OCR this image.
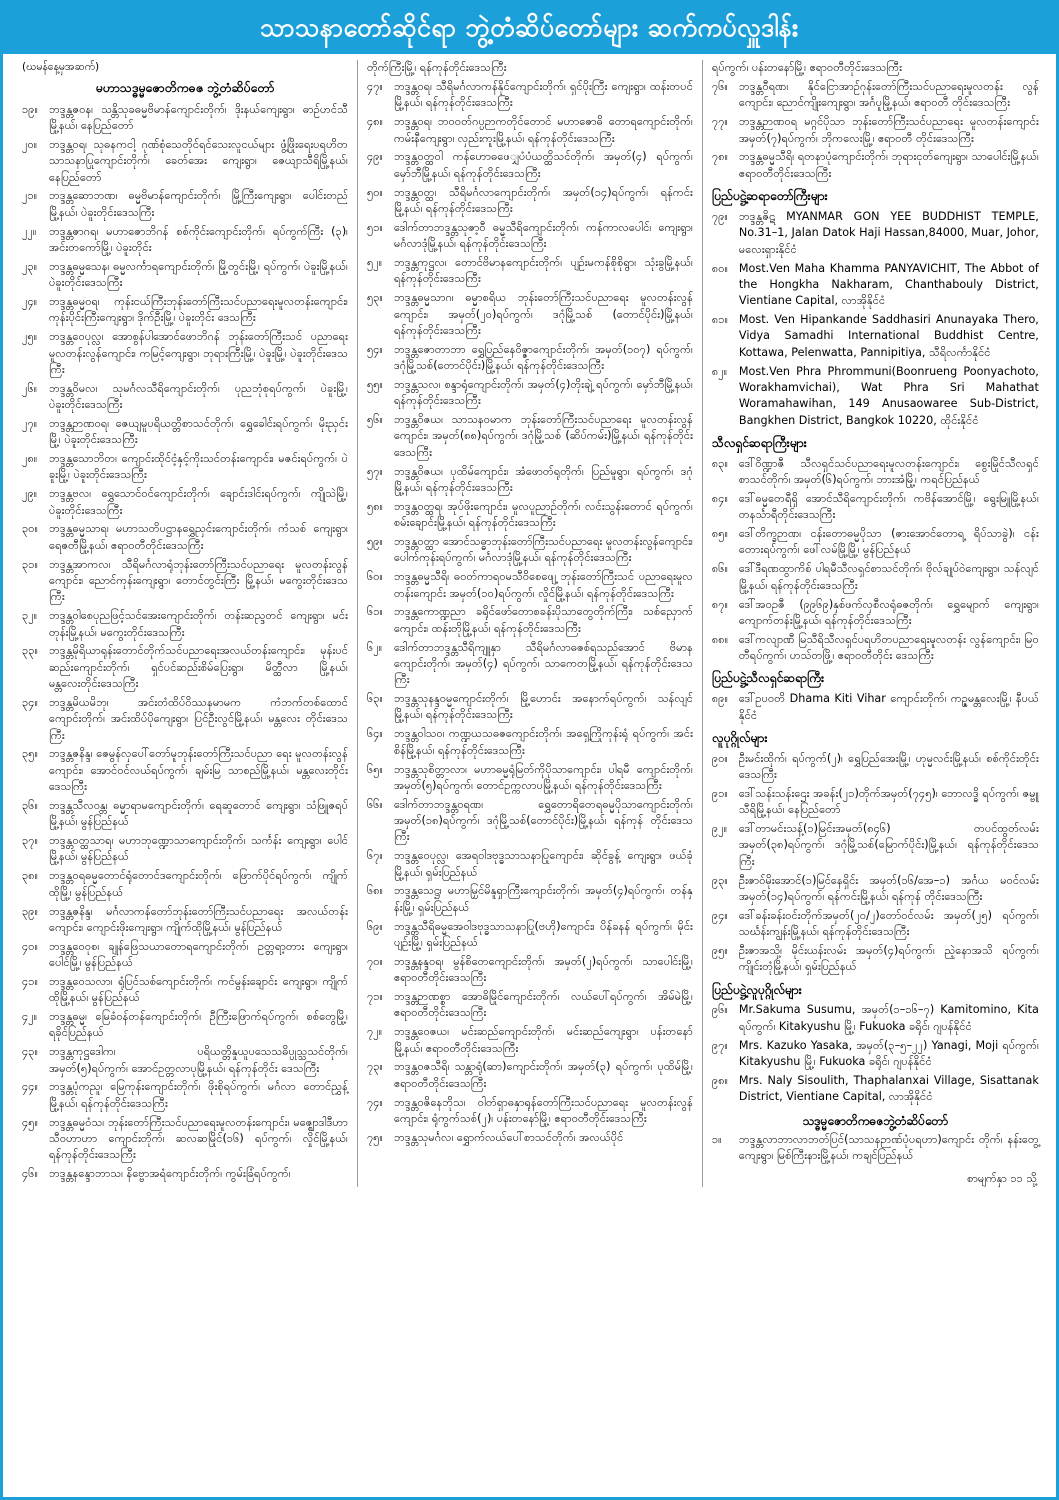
သာသနာတော်ဆိုင်ရာ ဘွဲ့တံဆိပ်တော်များ ဆက်ကပ်လှူဒါန်း
(ဃမန်နေ့မှအဆက်)
မဟာသဒ္ဓမ္မဇောတိကဓဇ ဘွဲ့တံဆိပ်တော်
၁၉။ ဘဒ္ဒန္တဇဝန၊ သန္တိသုခဓမ္မဗိမာန်ကျောင်းတိုက်၊ ဒိုးနယ်ကျေးရွာ၊ ဓာဉ်ဟင်သီမြို့နယ်၊ နေပြည်တော်
၂၀။	ဘဒ္ဒန္တဝရ၊ သုဓနကငါ့ ဂုဏ်စုံသေတိုင်ရင်သေးလူငယ်များ ဖွံ့ဖြိုးရေးပရဟိတ သာသနာပြုကျောင်းတိုက်၊ ခေတ်အေး ကျေးရွာ၊ ဇေယျာသီရိမြို့နယ်၊ နေပြည်တော်
၂၁။	ဘဒ္ဒန္တဆောဘဏ၊ ဓမ္မဗိမာန်ကျောင်းတိုက်၊ မြို့ကြီးကျေးရွာ၊ ပေါင်းတည်မြို့နယ်၊ ပဲခူးတိုင်းဒေသကြီး
၂၂။	ဘဒ္ဒန္တဇာဂရ၊ မဟာဇောဘိဂန် စစ်ကိုင်းကျောင်းတိုက်၊ ရပ်ကွက်ကြီး (၃)၊ အင်းတကော်မြို့၊ ပဲခူးတိုင်း
၂၃။	ဘဒ္ဒန္တဓမ္မသေန၊ ဓမ္မလင်္ကာရကျောင်းတိုက်၊ မြို့တွင်းမြို့၊ ရပ်ကွက်၊ ပဲခူးမြို့နယ်၊ ပဲခူးတိုင်းဒေသကြီး
၂၄။	ဘဒ္ဒန္တဓမ္မဝရ၊ ကုန်းငယ်ကြီးဘုန်းတော်ကြီးသင်ပညာရေးမူလတန်းကျောင်း၊ ကုန်းပိုင်းကြီးကျေးရွာ၊ ဒိုက်ဦးမြို့၊ ပဲခူးတိုင်း ဒေသကြီး
၂၅။	ဘဒ္ဒန္တဝေပုလ္လ၊ အောစွန်ပါအောင်ဖောဘိဂန် ဘုန်းတော်ကြီးသင် ပညာရေးမူလတန်းလွန်ကျောင်း၊ ကမြင့်ကျေးရွာ၊ ဘုရားကြီးမြို့၊ ပဲခူးမြို့၊ ပဲခူးတိုင်းဒေသကြီး
၂၆။	ဘဒ္ဒန္တဝိမလ၊ သုမင်္ဂလသီရိကျောင်းတိုက်၊ ပုညဘုံစုရပ်ကွက်၊ ပဲခူးမြို့၊ ပဲခူးတိုင်းဒေသကြီး
၂၇။	ဘဒ္ဒန္တဉာဏဝရ၊ ဇေယျမူပရိယတ္တိစာသင်တိုက်၊ ရွှေခေါင်းရပ်ကွက်၊ မိုးညှင်းမြို့၊ ပဲခူးတိုင်းဒေသကြီး
၂၈။	ဘဒ္ဒန္တသောဘိတ၊ ကျောင်းထိုင်ငံ့နှင့်ကိုးသင်တန်းကျောင်း၊ မဇင်းရပ်ကွက်၊ ပဲခူးမြို့၊ ပဲခူးတိုင်းဒေသကြီး
၂၉။	ဘဒ္ဒန္တဗလ၊ ရွှေသောင်ဝင်ကျောင်းတိုက်၊ ချောင်းဒါင်းရပ်ကွက်၊ ကျိုသဲမြို့၊ ပဲခူးတိုင်းဒေသကြီး
၃၀။ ဘဒ္ဒန္တဓမ္မသာရ၊ မဟာသတိပဋ္ဌာနရွှေညှင်းကျောင်းတိုက်၊ ကံသစ် ကျေးရွာ၊ ရေဇတီမြို့နယ်၊ ဧရာဝတီတိုင်းဒေသကြီး
၃၁။ ဘဒ္ဒန္တအာကလ၊ သီရိမင်္ဂလာရုံဘုန်းတော်ကြီးသင်ပညာရေး မူလတန်းလွန်ကျောင်း၊ ညောင်ကုန်းကျေးရွာ၊ တောင်တွင်းကြီး မြို့နယ်၊ မကွေးတိုင်းဒေသကြီး
၃၂။	ဘဒ္ဒန္တဝါစေပုညဖြင့်သင်အေးကျောင်းတိုက်၊ တန်းဆည္ဒတင် ကျေးရွာ၊ မင်းတုန်းမြို့နယ်၊ မကွေးတိုင်းဒေသကြီး
၃၃။ ဘဒ္ဒန္တမိုရိယာရုန်းတောင်တိုက်သင်ပညာရေးအလယ်တန်းကျောင်း၊ မုန်းပင်ဆည်းကျောင်းတိုက်၊ ရှင်ပင်ဆည်းစိမ်ပြေးရွာ၊ မိတ္ထီလာ မြို့နယ်၊ မန္တလေးတိုင်းဒေသကြီး
၃၄။ ဘဒ္ဒန္တမိယမိဘု၊ အင်းတံထိပ်ဝိဿနမာမက ကံဘက်တစ်ထောင် ကျောင်းတိုက်၊ အင်းထိပ်ပိုကျေးရွာ၊ ပြင်ဦးလွင်မြို့နယ်၊ မန္တလေး တိုင်းဒေသကြီး
၃၅။ ဘဒ္ဒန္တဇနိန္ဒ၊ ဇေမွန်လှပေါ်တော်မူဘုန်းတော်ကြီးသင်ပညာ ရေး မူလတန်းလွန်ကျောင်း၊ အောင်ဝင်လယ်ရပ်ကွက်၊ ချမ်းမြ သာစည်မြို့နယ်၊ မန္တလေးတိုင်းဒေသကြီး
၃၆။ ဘဒ္ဒန္တသီလဝန္တ၊ ဓမ္မာရာမကျောင်းတိုက်၊ ရေဆူတောင် ကျေးရွာ၊ သံဖြူဇရပ်မြို့နယ်၊ မွန်ပြည်နယ်
၃၇။ ဘဒ္ဒန္တဝတ္ထသာရ၊ မဟာဘုဏ္ဍောသာကျောင်းတိုက်၊ သင်္ကန်း ကျေးရွာ၊ ပေါင်မြို့နယ်၊ မွန်ပြည်နယ်
၃၈။ ဘဒ္ဒန္တဝရဓမ္မတောင်ရုံတောင်ဒကျောင်းတိုက်၊ ဖြောက်ပိုင်ရပ်ကွက်၊ ကျိုက်ထိုမြို့၊ မွန်ပြည်နယ်
၃၉။ ဘဒ္ဒန္တဇနိန္ဒ၊ မင်္ဂလာကန်တော်ဘုန်းတော်ကြီးသင်ပညာရေး အလယ်တန်းကျောင်း၊ ကျောင်းဖိုးကျေးရွာ၊ ကျိုက်ထိုမြို့နယ်၊ မွန်ပြည်နယ်
၄၀။ ဘဒ္ဒန္တဝေဝုစ၊ ချုန်ဖြေသယာတောရကျောင်းတိုက်၊ ဥတ္တရာ့တား ကျေးရွာ၊ ပေါင်မြို့၊ မွန်ပြည်နယ်
၄၁။ ဘဒ္ဒန္တဝေသလာ၊ ရုံပြင်သစ်ကျောင်းတိုက်၊ ကင်မွန်းချောင်း ကျေးရွာ၊ ကျိုက်ထိုမြို့နယ်၊ မွန်ပြည်နယ်
၄၂။	ဘဒ္ဒန္တဓမ္မ၊ မြေခံဝန်တန်ကျောင်းတိုက်၊ ဦကြီးဖြောက်ရပ်ကွက်၊ စစ်တွေမြို့၊ ရခိုင်ပြည်နယ်
၄၃။ ဘဒ္ဒန္တကုဋ္ဌဒေါက၊ ပရိယတ္တိနှုယူပသေသဓိပ္ပုသ္သသင်တိုက်၊ အမှတ်(၅)ရပ်ကွက်၊ အောင်ဥတ္တလာပုမြို့နယ်၊ ရန်ကုန်တိုင်း ဒေသကြီး
၄၄။ ဘဒ္ဒန္တပုံကညူ၊ မြေကုန်းကျောင်းတိုက်၊ ဖိုးစိုရပ်ကွက်၊ မင်္ဂလာ တောင်ညွှန့်မြို့နယ်၊ ရန်ကုန်တိုင်းဒေသကြီး
၄၅။ ဘဒ္ဒန္တဓမ္မဝံသ၊ ဘုန်းတော်ကြီးသင်ပညာရေးမူလတန်းကျောင်း၊ မဇ္ဈောဒါဒီဟာသီဝဟာဟာ ကျောင်းတိုက်၊ ဆလဆမြိုင်(၁၆) ရပ်ကွက်၊ လှိုင်မြို့နယ်၊ ရန်ကုန်တိုင်းဒေသကြီး
၄၆။ ဘဒ္ဒန္တနန္ဒောဘာသ၊ နိဗ္ဗောအရံကျောင်းတိုက်၊ ကွမ်းခြံရပ်ကွက်၊
တိုက်ကြီးမြို့၊ ရန်ကုန်တိုင်းဒေသကြီး
၄၇။ ဘဒ္ဒန္တဝရ၊ သီရိမင်္ဂလာကန်နိုင်ကျောင်းတိုက်၊ ရှင်ပိုးကြီး ကျေးရွာ၊ ထန်းတပင်မြို့နယ်၊ ရန်ကုန်တိုင်းဒေသကြီး
၄၈။ ဘဒ္ဒန္တဝရ၊ ဘဝဝတ်ဂပ္ပဉာကတိုင်တောင် မဟာဇောဓိ တောရကျောင်းတိုက်၊ ကမ်းနီကျေးရွာ၊ လှည်းကူးမြို့နယ်၊ ရန်ကုန်တိုင်းဒေသကြီး
၄၉။ ဘဒ္ဒန္တဝတ္ထဝါ ကန်ဟောဓဖေျှပံပံယတ္ထိသင်တိုက်၊ အမှတ်(၄) ရပ်ကွက်၊ မှော်ဘီမြို့နယ်၊ ရန်ကုန်တိုင်းဒေသကြီး
၅၀။ ဘဒ္ဒန္တဝတ္ထ၊ သီရိမင်္ဂလာကျောင်းတိုက်၊ အမှတ်(၁၄)ရပ်ကွက်၊ ရန်ကင်းမြို့နယ်၊ ရန်ကုန်တိုင်းဒေသကြီး
၅၁။ ဒေါက်တာဘဒ္ဒန္တသုဇာ့ဝီ ဓမ္မသီရိကျောင်းတိုက်၊ ကန်ကာလပေါင်၊ ကျေးရွာ၊ မင်္ဂလာဒုံမြို့နယ်၊ ရန်ကုန်တိုင်းဒေသကြီး
၅၂။	ဘဒ္ဒန္တကုဋ္ဌလ၊ တောင်ဗိမာနကျောင်းတိုက်၊ ပျဉ်းမကန်စိုစိုရွာ၊ သုံးခွမြို့နယ်၊ ရန်ကုန်တိုင်းဒေသကြီး
၅၃။ ဘဒ္ဒန္တဓမ္မသာဂ၊ ဓမ္မာစရိယ ဘုန်းတော်ကြီးသင်ပညာရေး မူလတန်းလွန်ကျောင်း၊ အမှတ်(၂၀)ရပ်ကွက်၊ ဒဂုံမြို့သစ် (တောင်ပိုင်း)မြို့နယ်၊ ရန်ကုန်တိုင်းဒေသကြီး
၅၄။ ဘဒ္ဒန္တဇောတာဘာ ရွှေပြည်နေဝိဇ္ဇာကျောင်းတိုက်၊ အမှတ်(၁၀၇) ရပ်ကွက်၊ ဒဂုံမြို့သစ်(တောင်ပိုင်း)မြို့နယ်၊ ရန်ကုန်တိုင်းဒေသကြီး
၅၅။ ဘဒ္ဒန္တသလ၊ စန္ဒာရုံကျောင်းတိုက်၊ အမှတ်(၄)တိုးချဲ့ ရပ်ကွက်၊ မှော်ဘီမြို့နယ်၊ ရန်ကုန်တိုင်းဒေသကြီး
၅၆။ ဘဒ္ဒန္တဝိဇယ၊ သာသနဝမာက ဘုန်းတော်ကြီးသင်ပညာရေး မူလတန်းလွန်ကျောင်း၊ အမှတ်(၈၈)ရပ်ကွက်၊ ဒဂုံမြို့သစ် (ဆိပ်ကမ်း)မြို့နယ်၊ ရန်ကုန်တိုင်းဒေသကြီး
၅၇။ ဘဒ္ဒန္တဝိဇယ၊ ပုထိမ်ကျောင်း၊ အံဖောတ်ရုတိုက်၊ ပြည်မူရွာ၊ ရပ်ကွက်၊ ဒဂုံမြို့နယ်၊ ရန်ကုန်တိုင်းဒေသကြီး
၅၈။ ဘဒ္ဒန္တဝတ္ထရ၊ အုပ်ဖိုးကျောင်း၊ မူလပူညာဉ်တိုက်၊ လင်းသွန်းတောင် ရပ်ကွက်၊ စမ်းချောင်းမြို့နယ်၊ ရန်ကုန်တိုင်းဒေသကြီး
၅၉။ ဘဒ္ဒန္တဝတ္ထာ အောင်သဓ္ဓာဘုန်းတော်ကြီးသင်ပညာရေး မူလတန်းလွန်ကျောင်း၊ ပေါက်ကုန်းရပ်ကွက်၊ မင်္ဂလာဒုံမြို့နယ်၊ ရန်ကုန်တိုင်းဒေသကြီး
၆၀။ ဘဒ္ဒန္တဓမ္မသီရိ၊ ဓဝတ်ကာရဝမသီဝိစေဖျေ့ ဘုန်းတော်ကြီးသင် ပညာရေးမူလတန်းကျောင်း အမှတ်(၁၀)ရပ်ကွက်၊ လှိုင်မြို့နယ်၊ ရန်ကုန်တိုင်းဒေသကြီး
၆၁။ ဘဒ္ဒန္တကောဏ္ဍညာ ခရိုင်ဖော်တောစခန်းပိုသာတွေတိုက်ကြီး၊ သစ်ညှောက်ကျောင်း၊ ထန်းတိုမြို့နယ်၊ ရန်ကုန်တိုင်းဒေသကြီး
၆၂။	ဒေါက်တာဘဒ္ဒန္တသီရိကျူနှာ သီရိမင်္ဂလာဓဇစ်ရသည်အောင် ဗိမာနကျောင်းတိုက်၊ အမှတ်(၄) ရပ်ကွက်၊ သာကေတမြို့နယ်၊ ရန်ကုန်တိုင်းဒေသကြီး
၆၃။ ဘဒ္ဒန္တသုနန္ဒဝမ္မကျောင်းတိုက်၊ မြို့ဟောင်း အနောက်ရပ်ကွက်၊ သန်လျင်မြို့နယ်၊ ရန်ကုန်တိုင်းဒေသကြီး
၆၄။ ဘဒ္ဒန္တဝါသဝ၊ ကဏ္ဍယသဓဇကျောင်းတိုက်၊ အရှေ့ကြိုကုန်းရုံ ရပ်ကွက်၊ အင်းစိန်မြို့နယ်၊ ရန်ကုန်တိုင်းဒေသကြီး
၆၅။ ဘဒ္ဒန္တသုစိတ္တာလာ၊ မဟာဓမ္မရုံမြတ်ကိုပိုသာကျောင်း၊ ပါရမီ ကျောင်းတိုက်၊ အမှတ်(၅)ရပ်ကွက်၊ တောင်ဥက္ကလာပမြို့နယ်၊ ရန်ကုန်တိုင်းဒေသကြီး
၆၆။ ဒေါက်တာဘဒ္ဒန္တဝရဏ၊ ရွှေတောရိတေရဓမ္မပိုသာကျောင်းတိုက်၊ အမှတ်(၁၈)ရပ်ကွက်၊ ဒဂုံမြို့သစ်(တောင်ပိုင်း)မြို့နယ်၊ ရန်ကုန် တိုင်းဒေသကြီး
၆၇။ ဘဒ္ဒန္တဝေပုလ္လ၊ အေရဝါဒဗုဒ္ဓသာသနာပြုကျောင်း၊ ဆိုင်ခွန့် ကျေးရွာ၊ ဖယ်ခုံမြို့နယ်၊ ရှမ်းပြည်နယ်
၆၈။ ဘဒ္ဒန္တသေဋ္ဌ၊ မဟာမြှင်မိနူရှာကြီးကျောင်းတိုက်၊ အမှတ်(၄)ရပ်ကွက်၊ တန်နှန်းမြို့၊ ရှမ်းပြည်နယ်
၆၉။ ဘဒ္ဒန္တသီရိဓမ္မအေဝါဒဗုဒ္ဓသာသနာပြု(ဗဟို)ကျောင်း၊ ပိန်ခနန် ရပ်ကွက်၊ မိုင်းပျဉ်းမြို့၊ ရှမ်းပြည်နယ်
၇၀။ ဘဒ္ဒန္တနန္ဒဝရ၊ မွန်စိတေကျောင်းတိုက်၊ အမှတ်(၂)ရပ်ကွက်၊ သာပေါင်းမြို့၊ ဧရာဝတီတိုင်းဒေသကြီး
၇၁။ ဘဒ္ဒန္တဉာဏစ္စာ အောဓိမြိုင်ကျောင်းတိုက်၊ လယ်ပေါ်ရပ်ကွက်၊ အိမ်မဲမြို့၊ ဧရာဝတီတိုင်းဒေသကြီး
၇၂။	ဘဒ္ဒန္တဝေဇယ၊ မင်းဆည်ကျောင်းတိုက်၊ မင်းဆည်ကျေးရွာ၊ ပန်းတနော်မြို့နယ်၊ ဧရာဝတီတိုင်းဒေသကြီး
၇၃။ ဘဒ္ဒန္တဝဇသီရိ၊ သန္တာရုံ(ဆာ)ကျောင်းတိုက်၊ အမှတ်(၃) ရပ်ကွက်၊ ပုထိမ်မြို့၊ ဧရာဝတီတိုင်းဒေသကြီး
၇၄။ ဘဒ္ဒန္တဝဇိနေဘိုသ၊ ဝါတ်ရှာဓနှာရုန်တော်ကြီးသင်ပညာရေး မူလတန်းလွန်ကျောင်း၊ ရုံကွက်သစ်(၂)၊ ပန်းတနော်မြို့၊ ဧရာဝတီတိုင်းဒေသကြီး
၇၅။ ဘဒ္ဒန္တသုမင်္ဂလ၊ ရွှောက်လယ်ပေါ်စာသင်တိုက်၊ အလယ်ပိုင်
ရပ်ကွက်၊ ပန်းတနော်မြို့၊ ဧရာဝတီတိုင်းဒေသကြီး
၇၆။ ဘဒ္ဒန္တဝီရဏ၊ နိုင်ငြောအာဉ်ဂုန်းတော်ကြီးသင်ပညာရေးမူလတန်း လွန်ကျောင်း၊ ညောင်ကျိုးကျေးရွာ၊ အင်္ဂပူမြို့နယ်၊ ဧရာဝတီ တိုင်းဒေသကြီး
၇၇။ ဘဒ္ဒန္တဉာဏဝရ မဂ္ဂင်ပိုသာ ဘုန်းတော်ကြီးသင်ပညာရေး မူလတန်းကျောင်း အမှတ်(၇)ရပ်ကွက်၊ ဘိုကလေးမြို့၊ ဧရာဝတီ တိုင်းဒေသကြီး
၇၈။ ဘဒ္ဒန္တဓမ္မသီရိ၊ ရတနာပုံကျောင်းတိုက်၊ ဘုရားငုတ်ကျေးရွာ၊ သာပေါင်းမြို့နယ်၊ ဧရာဝတီတိုင်းဒေသကြီး
ပြည်ပဋ္ဌဲ့ဆရာတော်ကြီးများ
၇၉။ ဘဒ္ဒန္တဇိဋ MYANMAR GON YEE BUDDHIST TEMPLE, No.31–1, Jalan Datok Haji Hassan,84000, Muar, Johor, မလေးရှားနိုင်ငံ
၈၀။ Most.Ven Maha Khamma PANYAVICHIT, The Abbot of the Hongkha Nakharam, Chanthabouly District, Vientiane Capital, လာအိုနိုင်ငံ
၈၁။ Most. Ven Hipankande Saddhasiri Anunayaka Thero, Vidya Samadhi International Buddhist Centre, Kottawa, Pelenwatta, Pannipitiya, သီရိလင်္ကာနိုင်ငံ
၈၂။	Most.Ven Phra Phrommuni(Boonrueng Poonyachoto, Worakhamvichai), Wat Phra Sri Mahathat Woramahawihan, 149 Anusaowaree Sub-District, Bangkhen District, Bangkok 10220, ထိုင်းနိုင်ငံ
သီလရှင်ဆရာကြီးများ
၈၃။ ဒေါ်ဝိဏ္ဍာဇီ သီလရှင်သင်ပညာရေးမူလတန်းကျောင်း၊ စွေးမြိုင်သီလရှင်စာသင်တိုက်၊ အမှတ်(၆)ရပ်ကွက်၊ ဘားအံမြို့၊ ကရင်ပြည်နယ်
၈၄။ ဒေါ်ဓမ္မတေရီရှိ အောင်သီရိကျောင်းတိုက်၊ ကဗိန်အောင်မြို့၊ ရွေးမြူမြို့နယ်၊ တနင်္သာရီတိုင်းဒေသကြီး
၈၅။ ဒေါ်တိက္ခဉာဏ၊ ငန်းတောဓမ္မပိုသာ (ဇားအောင်တောရ့ ရိပ်သာခွဲ)၊ ငန်းတေားရပ်ကွက်၊ ဖေါ်လမ်မြို့မြို့၊ မွန်ပြည်နယ်
၈၆။ ဒေါ်ဒီရဏထွာကိစ် ပါရမီသီလရှင်စာသင်တိုက်၊ ဗိုလ်ချုပ်ဝဲကျေးရွာ၊ သန်လျင်မြို့နယ်၊ ရန်ကုန်တိုင်းဒေသကြီး
၈၇။ ဒေါ်အဝဥဇီ (၉၉၆၉)နှစ်ဖက်လှစီလရုံဓဇတိုက်၊ ရွှေမျောက် ကျေးရွာ၊ ကျောက်တန်းမြို့နယ်၊ ရန်ကုန်တိုင်းဒေသကြီး
၈၈။ ဒေါ်ကလျာဏီ မြသီရိသီလရှင်ပရဟိတပညာရေးမူလတန်း လွန်ကျောင်း၊ မြဝတီရပ်ကွက်၊ ဟသ်တဖြို့၊ ဧရာဝတီတိုင်း ဒေသကြီး
ပြည်ပဋ္ဌဲ့သီလရှင်ဆရာကြီး
၈၉။ ဒေါ်ဥပဝတိ Dhama Kiti Vihar ကျောင်းတိုက်၊ ကဉ္ဇမန္တလေးမြို့၊ နီပယ်နိုင်ငံ
လူပုဂ္ဂိုလ်များ
၉၀။ ဦးမင်းထိုက်၊ ရပ်ကွက်(၂)၊ ရွှေပြည်အေးမြို့၊ ဟုမ္မလင်းမြို့နယ်၊ စစ်ကိုင်းတိုင်းဒေသကြီး
၉၁။ ဒေါ်သန်းသန်းဌေး အခန်း(၂၁)တိုက်အမှတ်(၇၄၅)၊ ဘောလဒ္ဓိ ရပ်ကွက်၊ ဇမ္ဗူသီရိမြို့နယ်၊ နေပြည်တော်
၉၂။	ဒေါ်တာမင်းသန့်(၁)မြင်းအမှတ်(၈၄၆) တပင်ထွတ်လမ်း အမှတ်(၃၈)ရပ်ကွက်၊ ဒဂုံမြို့သစ်(မြောက်ပိုင်း)မြို့နယ်၊ ရန်ကုန်တိုင်းဒေသကြီး
၉၃။ ဦးဇာဝ်မိုးအောင်(၁)မြင်နေရှိင်း အမှတ်(၁၆/အေ–၁) အင်္ဂယ မဝင်လမ်း အမှတ်(၁၄)ရပ်ကွက်၊ ရန်ကင်းမြို့နယ်၊ ရန်ကုန် တိုင်းဒေသကြီး
၉၄။ ဒေါ်ခန်းခန်းဝင်းတိုက်အမှတ်(၂၀/၂)တော်ဝင်လမ်း အမှတ်(၂၅) ရပ်ကွက်၊ သင်္ဃန်းကျွန်းမြို့နယ်၊ ရန်ကုန်တိုင်းဒေသကြီး
၉၅။ ဦးဇာအသို့၊ မိုင်းယန်းလမ်း အမှတ်(၄)ရပ်ကွက်၊ ညဲ့နောအသိ ရပ်ကွက်၊ ကျိုင်းတုံမြို့နယ်၊ ရှမ်းပြည်နယ်
ပြည်ပဋ္ဌဲ့လူပုဂ္ဂိုလ်များ
၉၆။ Mr.Sakuma Susumu, အမှတ်(၁–၁၆–၇) Kamitomino, Kita ရပ်ကွက်၊ Kitakyushu မြို့၊ Fukuoka ခရိုင်၊ ဂျပန်နိုင်ငံ
၉၇။ Mrs. Kazuko Yasaka, အမှတ်(၃–၅–၂၂) Yanagi, Moji ရပ်ကွက်၊ Kitakyushu မြို့၊ Fukuoka ခရိုင်၊ ဂျပန်နိုင်ငံ
၉၈။ Mrs. Naly Sisoulith, Thaphalanxai Village, Sisattanak District, Vientiane Capital, လာအိုနိုင်ငံ
သဒ္ဓမ္မဇောတိကဓဇဘွဲ့တံဆိပ်တော်
၁။	ဘဒ္ဒန္တလာဘာလာဘတ်ပြင်(သာသနဉာဏ်ပုံပရဟာ)ကျောင်း တိုက်၊ နန်းတွေ့ကျေးရွာ၊ မြစ်ကြီးနားမြို့နယ်၊ ကချင်ပြည်နယ်
စာမျက်နှာ ၁၁ သို့
